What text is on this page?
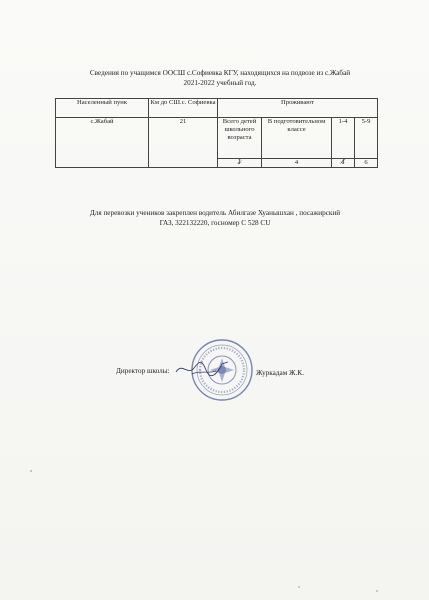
Сведения по учащимся ООСШ с.Софиевка КГУ, находящихся на подвозе из с.Жабай
2021-2022 учебный год.
Населенный пунк	Км до СШ.с. Софиевка	Проживают			
с.Жабай	21	Всего детей школьного возраста	В подготовительном классе	1-4	5-9
		1̶̷	4	4̸	6
Для перевозки учеников закреплен водитель Абилгазе Хуанышхан , посажирский
ГАЗ, 322132220, госномер С 528 CU
Директор школы:	Журкадам Ж.К.
